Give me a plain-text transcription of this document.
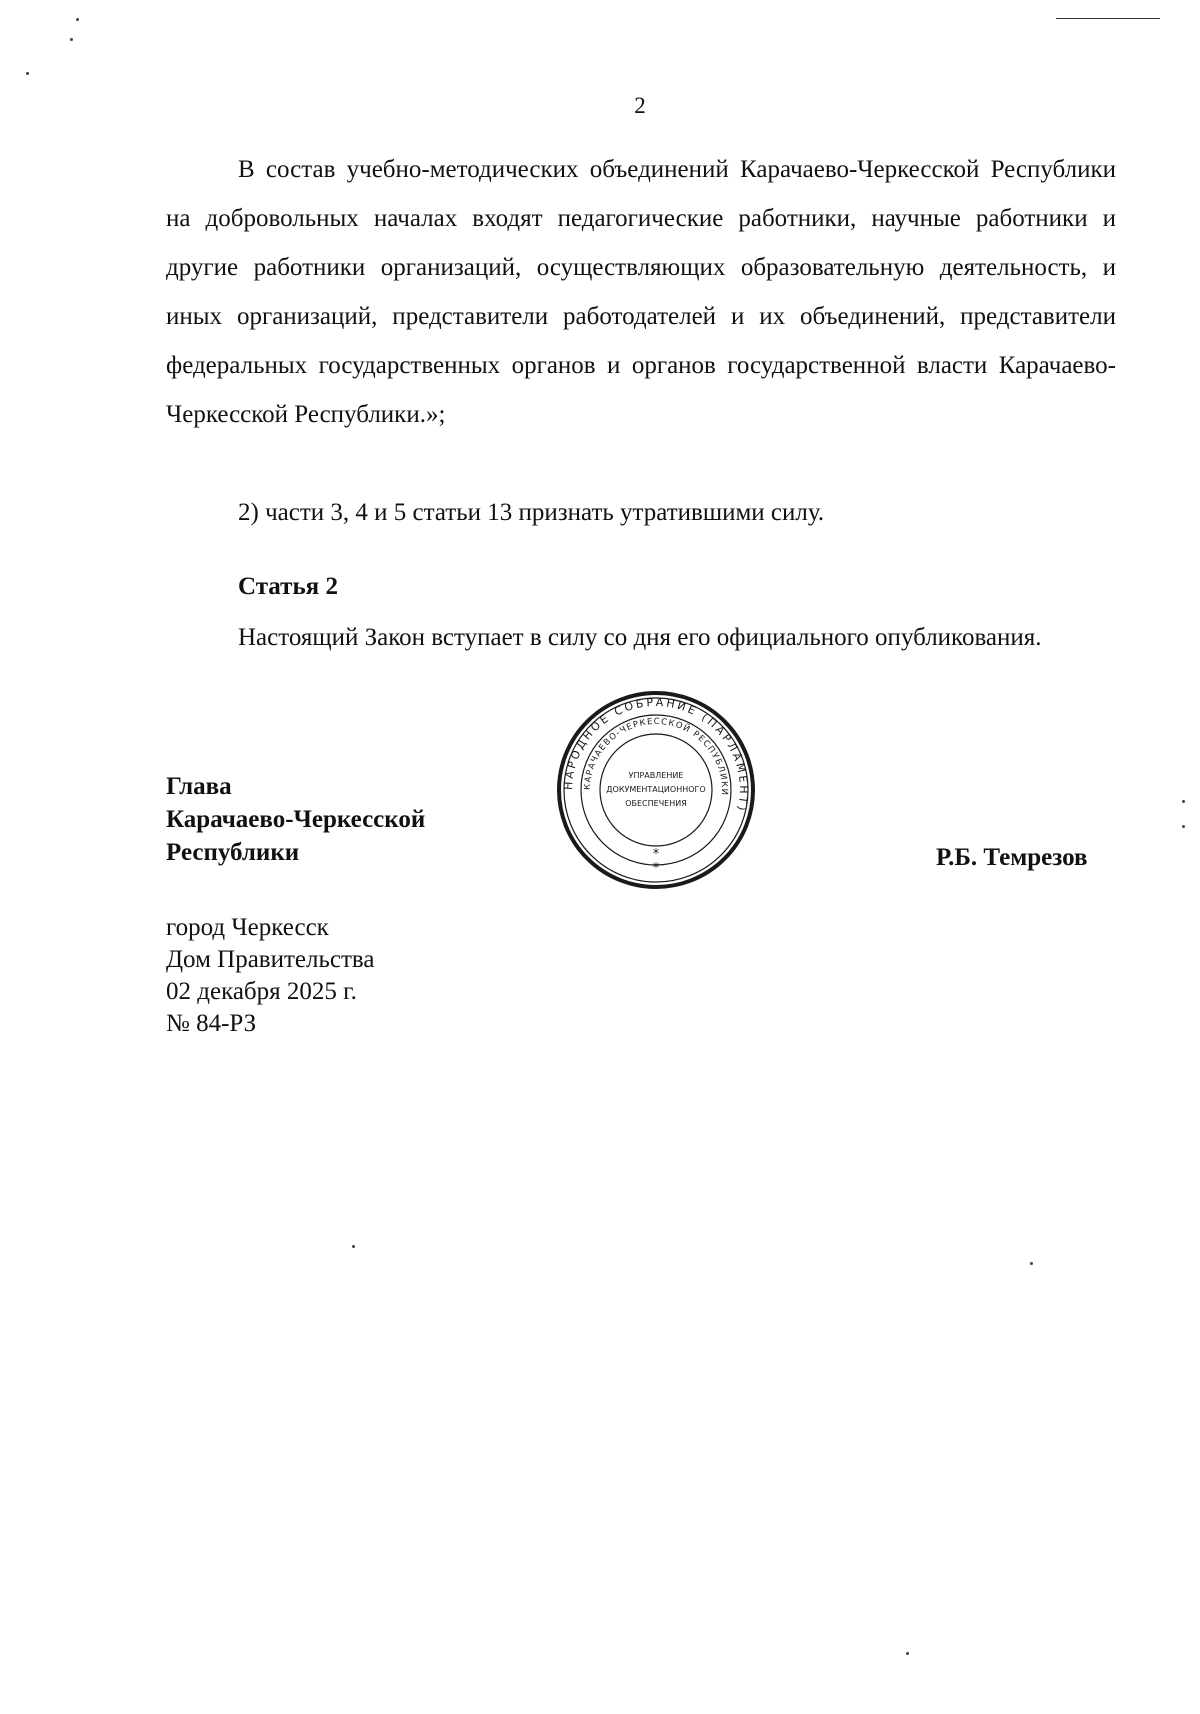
2

В состав учебно-методических объединений Карачаево-Черкесской Республики на добровольных началах входят педагогические работники, научные работники и другие работники организаций, осуществляющих образовательную деятельность, и иных организаций, представители работодателей и их объединений, представители федеральных государственных органов и органов государственной власти Карачаево-Черкесской Республики.»;

2) части 3, 4 и 5 статьи 13 признать утратившими силу.

Статья 2

Настоящий Закон вступает в силу со дня его официального опубликования.

Глава
Карачаево-Черкесской
Республики	Р.Б. Темрезов
город Черкесск
Дом Правительства
02 декабря 2025 г.
№ 84-РЗ
НАРОДНОЕ СОБРАНИЕ (ПАРЛАМЕНТ)
КАРАЧАЕВО-ЧЕРКЕССКОЙ РЕСПУБЛИКИ
УПРАВЛЕНИЕ
ДОКУМЕНТАЦИОННОГО
ОБЕСПЕЧЕНИЯ
*
*
